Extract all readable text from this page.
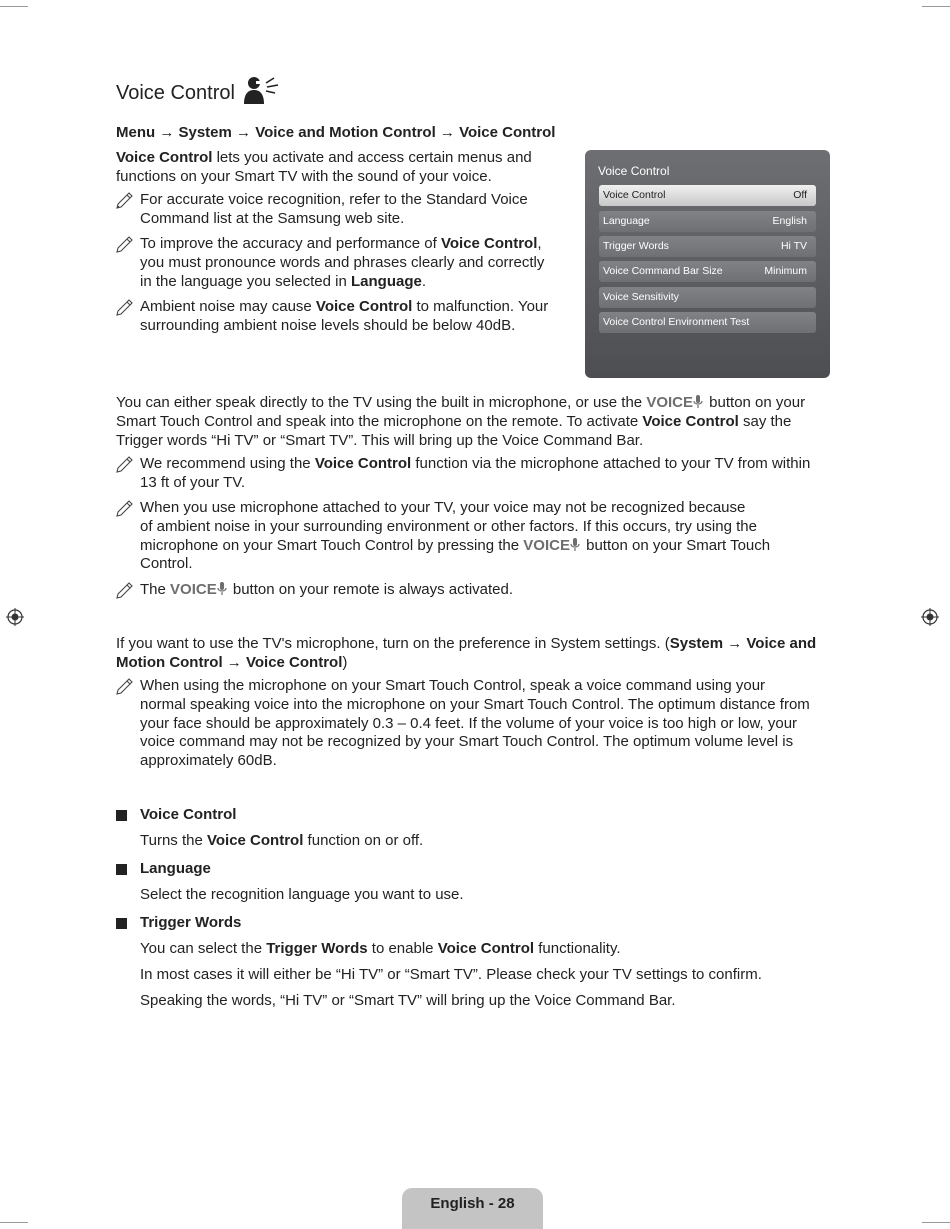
Voice Control
Menu → System → Voice and Motion Control → Voice Control
Voice Control lets you activate and access certain menus and
functions on your Smart TV with the sound of your voice.
For accurate voice recognition, refer to the Standard Voice
Command list at the Samsung web site.
To improve the accuracy and performance of Voice Control,
you must pronounce words and phrases clearly and correctly
in the language you selected in Language.
Ambient noise may cause Voice Control to malfunction. Your
surrounding ambient noise levels should be below 40dB.
Voice Control
Voice Control	Off
Language	English
Trigger Words	Hi TV
Voice Command Bar Size	Minimum
Voice Sensitivity
Voice Control Environment Test
You can either speak directly to the TV using the built in microphone, or use the VOICE button on your
Smart Touch Control and speak into the microphone on the remote. To activate Voice Control say the
Trigger words “Hi TV” or “Smart TV”. This will bring up the Voice Command Bar.
We recommend using the Voice Control function via the microphone attached to your TV from within
13 ft of your TV.
When you use microphone attached to your TV, your voice may not be recognized because
of ambient noise in your surrounding environment or other factors. If this occurs, try using the
microphone on your Smart Touch Control by pressing the VOICE button on your Smart Touch
Control.
The VOICE button on your remote is always activated.
If you want to use the TV's microphone, turn on the preference in System settings. (System → Voice and
Motion Control → Voice Control)
When using the microphone on your Smart Touch Control, speak a voice command using your
normal speaking voice into the microphone on your Smart Touch Control. The optimum distance from
your face should be approximately 0.3 – 0.4 feet. If the volume of your voice is too high or low, your
voice command may not be recognized by your Smart Touch Control. The optimum volume level is
approximately 60dB.
Voice Control
Turns the Voice Control function on or off.
Language
Select the recognition language you want to use.
Trigger Words
You can select the Trigger Words to enable Voice Control functionality.
In most cases it will either be “Hi TV” or “Smart TV”. Please check your TV settings to confirm.
Speaking the words, “Hi TV” or “Smart TV” will bring up the Voice Command Bar.
English - 28
